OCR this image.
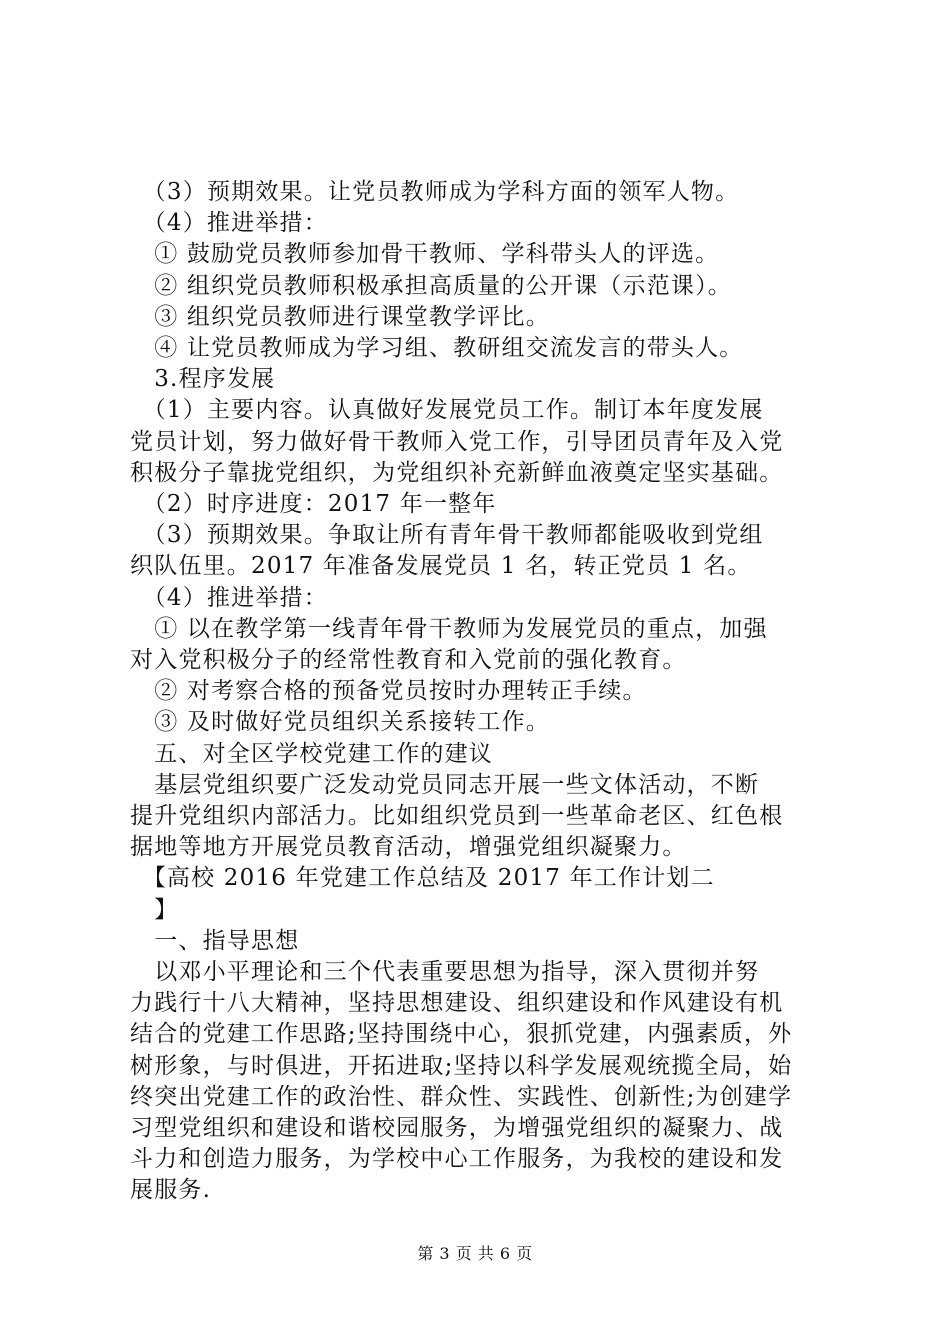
　（3）预期效果。让党员教师成为学科方面的领军人物。
　（4）推进举措：
　① 鼓励党员教师参加骨干教师、学科带头人的评选。
　② 组织党员教师积极承担高质量的公开课（示范课）。
　③ 组织党员教师进行课堂教学评比。
　④ 让党员教师成为学习组、教研组交流发言的带头人。
　3.程序发展
　（1）主要内容。认真做好发展党员工作。制订本年度发展
党员计划，努力做好骨干教师入党工作，引导团员青年及入党
积极分子靠拢党组织，为党组织补充新鲜血液奠定坚实基础。
　（2）时序进度：2017 年一整年
　（3）预期效果。争取让所有青年骨干教师都能吸收到党组
织队伍里。2017 年准备发展党员 1 名，转正党员 1 名。
　（4）推进举措：
　① 以在教学第一线青年骨干教师为发展党员的重点，加强
对入党积极分子的经常性教育和入党前的强化教育。
　② 对考察合格的预备党员按时办理转正手续。
　③ 及时做好党员组织关系接转工作。
　五、对全区学校党建工作的建议
　基层党组织要广泛发动党员同志开展一些文体活动，不断
提升党组织内部活力。比如组织党员到一些革命老区、红色根
据地等地方开展党员教育活动，增强党组织凝聚力。
　【高校 2016 年党建工作总结及 2017 年工作计划二
　】
　一、指导思想
　以邓小平理论和三个代表重要思想为指导，深入贯彻并努
力践行十八大精神，坚持思想建设、组织建设和作风建设有机
结合的党建工作思路;坚持围绕中心，狠抓党建，内强素质，外
树形象，与时俱进，开拓进取;坚持以科学发展观统揽全局，始
终突出党建工作的政治性、群众性、实践性、创新性;为创建学
习型党组织和建设和谐校园服务，为增强党组织的凝聚力、战
斗力和创造力服务，为学校中心工作服务，为我校的建设和发
展服务.
第 3 页 共 6 页
